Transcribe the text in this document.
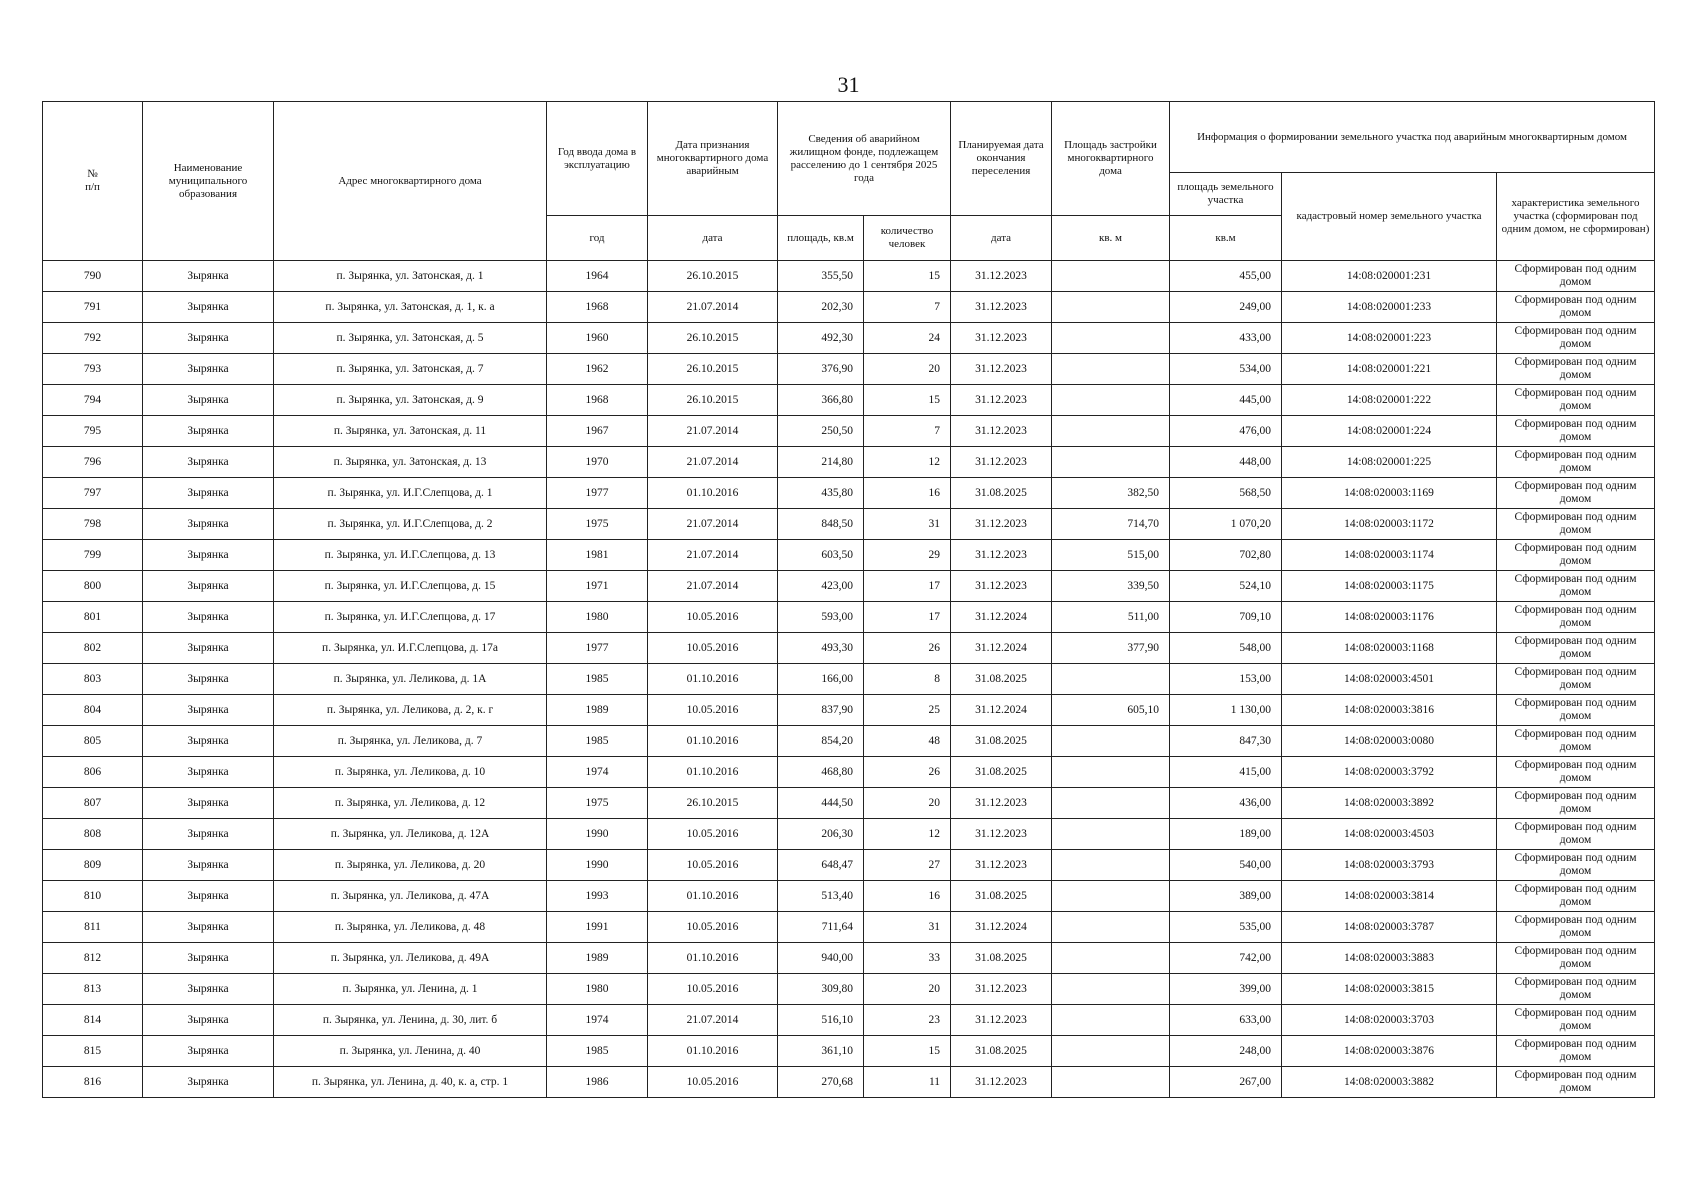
31
№
п/п	Наименование муниципального образования	Адрес многоквартирного дома	Год ввода дома в эксплуатацию	Дата признания многоквартирного дома аварийным	Сведения об аварийном жилищном фонде, подлежащем расселению до 1 сентября 2025 года		Планируемая дата окончания переселения	Площадь застройки многоквартирного дома	Информация о формировании земельного участка под аварийным многоквартирным домом		
									площадь земельного участка	кадастровый номер земельного участка	характеристика земельного участка (сформирован под одним домом, не сформирован)
			год	дата	площадь, кв.м	количество человек	дата	кв. м	кв.м		
790	Зырянка	п. Зырянка, ул. Затонская, д. 1	1964	26.10.2015	355,50	15	31.12.2023		455,00	14:08:020001:231	Сформирован под одним домом
791	Зырянка	п. Зырянка, ул. Затонская, д. 1, к. а	1968	21.07.2014	202,30	7	31.12.2023		249,00	14:08:020001:233	Сформирован под одним домом
792	Зырянка	п. Зырянка, ул. Затонская, д. 5	1960	26.10.2015	492,30	24	31.12.2023		433,00	14:08:020001:223	Сформирован под одним домом
793	Зырянка	п. Зырянка, ул. Затонская, д. 7	1962	26.10.2015	376,90	20	31.12.2023		534,00	14:08:020001:221	Сформирован под одним домом
794	Зырянка	п. Зырянка, ул. Затонская, д. 9	1968	26.10.2015	366,80	15	31.12.2023		445,00	14:08:020001:222	Сформирован под одним домом
795	Зырянка	п. Зырянка, ул. Затонская, д. 11	1967	21.07.2014	250,50	7	31.12.2023		476,00	14:08:020001:224	Сформирован под одним домом
796	Зырянка	п. Зырянка, ул. Затонская, д. 13	1970	21.07.2014	214,80	12	31.12.2023		448,00	14:08:020001:225	Сформирован под одним домом
797	Зырянка	п. Зырянка, ул. И.Г.Слепцова, д. 1	1977	01.10.2016	435,80	16	31.08.2025	382,50	568,50	14:08:020003:1169	Сформирован под одним домом
798	Зырянка	п. Зырянка, ул. И.Г.Слепцова, д. 2	1975	21.07.2014	848,50	31	31.12.2023	714,70	1 070,20	14:08:020003:1172	Сформирован под одним домом
799	Зырянка	п. Зырянка, ул. И.Г.Слепцова, д. 13	1981	21.07.2014	603,50	29	31.12.2023	515,00	702,80	14:08:020003:1174	Сформирован под одним домом
800	Зырянка	п. Зырянка, ул. И.Г.Слепцова, д. 15	1971	21.07.2014	423,00	17	31.12.2023	339,50	524,10	14:08:020003:1175	Сформирован под одним домом
801	Зырянка	п. Зырянка, ул. И.Г.Слепцова, д. 17	1980	10.05.2016	593,00	17	31.12.2024	511,00	709,10	14:08:020003:1176	Сформирован под одним домом
802	Зырянка	п. Зырянка, ул. И.Г.Слепцова, д. 17а	1977	10.05.2016	493,30	26	31.12.2024	377,90	548,00	14:08:020003:1168	Сформирован под одним домом
803	Зырянка	п. Зырянка, ул. Леликова, д. 1А	1985	01.10.2016	166,00	8	31.08.2025		153,00	14:08:020003:4501	Сформирован под одним домом
804	Зырянка	п. Зырянка, ул. Леликова, д. 2, к. г	1989	10.05.2016	837,90	25	31.12.2024	605,10	1 130,00	14:08:020003:3816	Сформирован под одним домом
805	Зырянка	п. Зырянка, ул. Леликова, д. 7	1985	01.10.2016	854,20	48	31.08.2025		847,30	14:08:020003:0080	Сформирован под одним домом
806	Зырянка	п. Зырянка, ул. Леликова, д. 10	1974	01.10.2016	468,80	26	31.08.2025		415,00	14:08:020003:3792	Сформирован под одним домом
807	Зырянка	п. Зырянка, ул. Леликова, д. 12	1975	26.10.2015	444,50	20	31.12.2023		436,00	14:08:020003:3892	Сформирован под одним домом
808	Зырянка	п. Зырянка, ул. Леликова, д. 12А	1990	10.05.2016	206,30	12	31.12.2023		189,00	14:08:020003:4503	Сформирован под одним домом
809	Зырянка	п. Зырянка, ул. Леликова, д. 20	1990	10.05.2016	648,47	27	31.12.2023		540,00	14:08:020003:3793	Сформирован под одним домом
810	Зырянка	п. Зырянка, ул. Леликова, д. 47А	1993	01.10.2016	513,40	16	31.08.2025		389,00	14:08:020003:3814	Сформирован под одним домом
811	Зырянка	п. Зырянка, ул. Леликова, д. 48	1991	10.05.2016	711,64	31	31.12.2024		535,00	14:08:020003:3787	Сформирован под одним домом
812	Зырянка	п. Зырянка, ул. Леликова, д. 49А	1989	01.10.2016	940,00	33	31.08.2025		742,00	14:08:020003:3883	Сформирован под одним домом
813	Зырянка	п. Зырянка, ул. Ленина, д. 1	1980	10.05.2016	309,80	20	31.12.2023		399,00	14:08:020003:3815	Сформирован под одним домом
814	Зырянка	п. Зырянка, ул. Ленина, д. 30, лит. б	1974	21.07.2014	516,10	23	31.12.2023		633,00	14:08:020003:3703	Сформирован под одним домом
815	Зырянка	п. Зырянка, ул. Ленина, д. 40	1985	01.10.2016	361,10	15	31.08.2025		248,00	14:08:020003:3876	Сформирован под одним домом
816	Зырянка	п. Зырянка, ул. Ленина, д. 40, к. а, стр. 1	1986	10.05.2016	270,68	11	31.12.2023		267,00	14:08:020003:3882	Сформирован под одним домом
